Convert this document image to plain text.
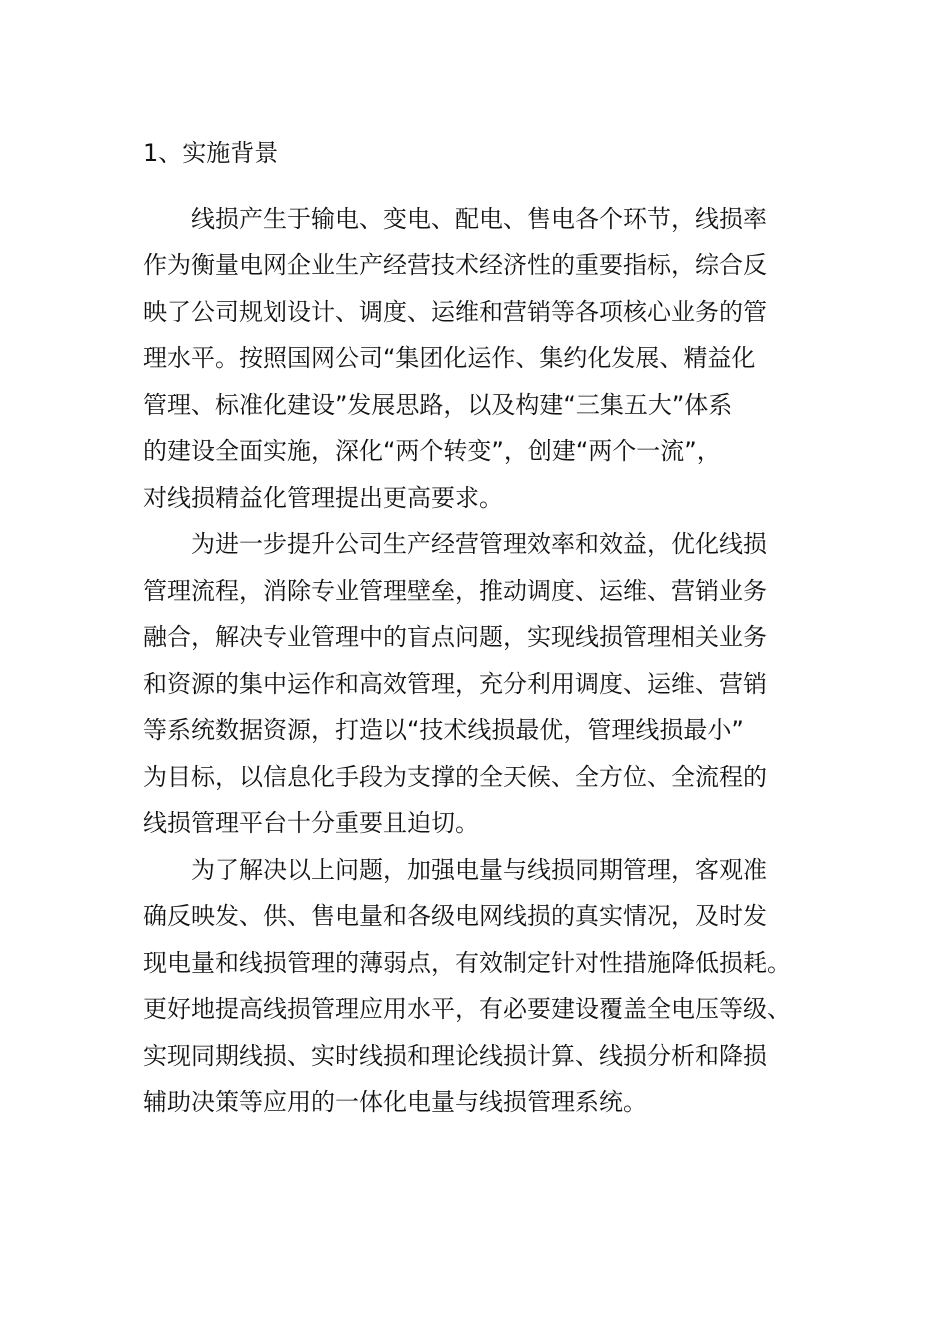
1、实施背景
线损产生于输电、变电、配电、售电各个环节，线损率
作为衡量电网企业生产经营技术经济性的重要指标，综合反
映了公司规划设计、调度、运维和营销等各项核心业务的管
理水平。按照国网公司“集团化运作、集约化发展、精益化
管理、标准化建设”发展思路，以及构建“三集五大”体系
的建设全面实施，深化“两个转变”，创建“两个一流”，
对线损精益化管理提出更高要求。
为进一步提升公司生产经营管理效率和效益，优化线损
管理流程，消除专业管理壁垒，推动调度、运维、营销业务
融合，解决专业管理中的盲点问题，实现线损管理相关业务
和资源的集中运作和高效管理，充分利用调度、运维、营销
等系统数据资源，打造以“技术线损最优，管理线损最小”
为目标，以信息化手段为支撑的全天候、全方位、全流程的
线损管理平台十分重要且迫切。
为了解决以上问题，加强电量与线损同期管理，客观准
确反映发、供、售电量和各级电网线损的真实情况，及时发
现电量和线损管理的薄弱点，有效制定针对性措施降低损耗。
更好地提高线损管理应用水平，有必要建设覆盖全电压等级、
实现同期线损、实时线损和理论线损计算、线损分析和降损
辅助决策等应用的一体化电量与线损管理系统。
